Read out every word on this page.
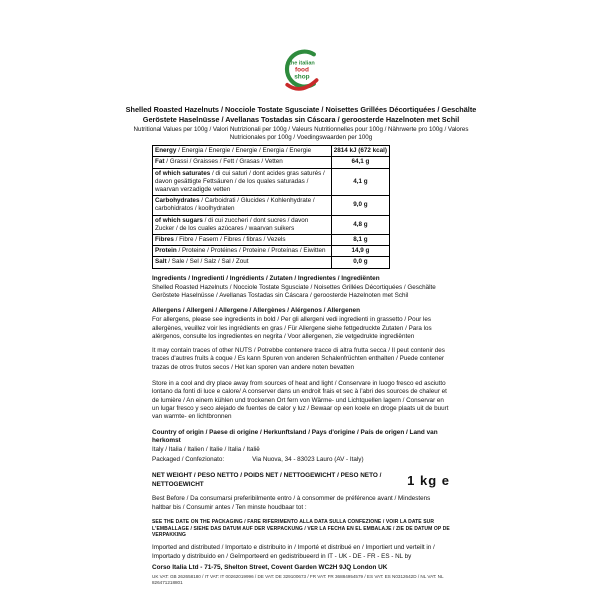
the italian
food
shop
Shelled Roasted Hazelnuts / Nocciole Tostate Sgusciate / Noisettes Grillées Décortiquées / Geschälte Geröstete Haselnüsse / Avellanas Tostadas sin Cáscara / geroosterde Hazelnoten met Schil
Nutritional Values per 100g / Valori Nutrizionali per 100g / Valeurs Nutritionnelles pour 100g / Nährwerte pro 100g / Valores Nutricionales por 100g / Voedingswaarden per 100g
Energy / Energia / Energie / Energie / Energia / Energie	2814 kJ (672 kcal)
Fat / Grassi / Graisses / Fett / Grasas / Vetten	64,1 g
of which saturates / di cui saturi / dont acides gras saturés / davon gesättigte Fettsäuren / de los quales saturadas / waarvan verzadigde vetten	4,1 g
Carbohydrates / Carboidrati / Glucides / Kohlenhydrate / carbohidratos / koolhydraten	9,0 g
of which sugars / di cui zuccheri / dont sucres / davon Zucker / de los cuales azúcares / waarvan suikers	4,8 g
Fibres / Fibre / Fasern / Fibres / fibras / Vezels	8,1 g
Protein / Proteine / Protéines / Proteine / Proteínas / Eiwitten	14,9 g
Salt / Sale / Sel / Salz / Sal / Zout	0,0 g
Ingredients / Ingredienti / Ingrédients / Zutaten / Ingredientes / Ingrediënten
Shelled Roasted Hazelnuts / Nocciole Tostate Sgusciate / Noisettes Grillées Décortiquées / Geschälte Geröstete Haselnüsse / Avellanas Tostadas sin Cáscara / geroosterde Hazelnoten met Schil
Allergens / Allergeni / Allergene / Allergènes / Alérgenos / Allergenen
For allergens, please see ingredients in bold / Per gli allergeni vedi ingredienti in grassetto / Pour les allergènes, veuillez voir les ingrédients en gras / Für Allergene siehe fettgedruckte Zutaten / Para los alérgenos, consulte los ingredientes en negrita / Voor allergenen, zie vetgedrukte ingrediënten
It may contain traces of other NUTS / Potrebbe contenere tracce di altra frutta secca / Il peut contenir des traces d'autres fruits à coque / Es kann Spuren von anderen Schalenfrüchten enthalten / Puede contener trazas de otros frutos secos / Het kan sporen van andere noten bevatten
Store in a cool and dry place away from sources of heat and light / Conservare in luogo fresco ed asciutto lontano da fonti di luce e calore/ A conserver dans un endroit frais et sec à l'abri des sources de chaleur et de lumière / An einem kühlen und trockenen Ort fern von Wärme- und Lichtquellen lagern / Conservar en un lugar fresco y seco alejado de fuentes de calor y luz / Bewaar op een koele en droge plaats uit de buurt van warmte- en lichtbronnen
Country of origin / Paese di origine / Herkunftsland / Pays d'origine / País de origen / Land van herkomst
Italy / Italia / Italien / Italie / Italia / Italië
Packaged / Confezionato:	Via Nuova, 34 - 83023 Lauro (AV - Italy)
NET WEIGHT / PESO NETTO / POIDS NET / NETTOGEWICHT / PESO NETO / NETTOGEWICHT	1 kg e
Best Before / Da consumarsi preferibilmente entro / à consommer de préférence avant / Mindestens haltbar bis / Consumir antes / Ten minste houdbaar tot :
SEE THE DATE ON THE PACKAGING / FARE RIFERIMENTO ALLA DATA SULLA CONFEZIONE / VOIR LA DATE SUR L'EMBALLAGE / SIEHE DAS DATUM AUF DER VERPACKUNG / VER LA FECHA EN EL EMBALAJE / ZIE DE DATUM OP DE VERPAKKING
Imported and distributed / Importato e distribuito in / Importé et distribué en / Importiert und verteilt in / Importado y distribuido en / Geïmporteerd en gedistribueerd in IT - UK - DE - FR - ES - NL by
Corso Italia Ltd - 71-75, Shelton Street, Covent Garden WC2H 9JQ London UK
UK VAT: GB 262658180 / IT VAT: IT 00262019996 / DE VAT: DE 329100673 / FR VAT: FR 36884954579 / ES VAT: ES N0312642D / NL VAT: NL 826471218801
